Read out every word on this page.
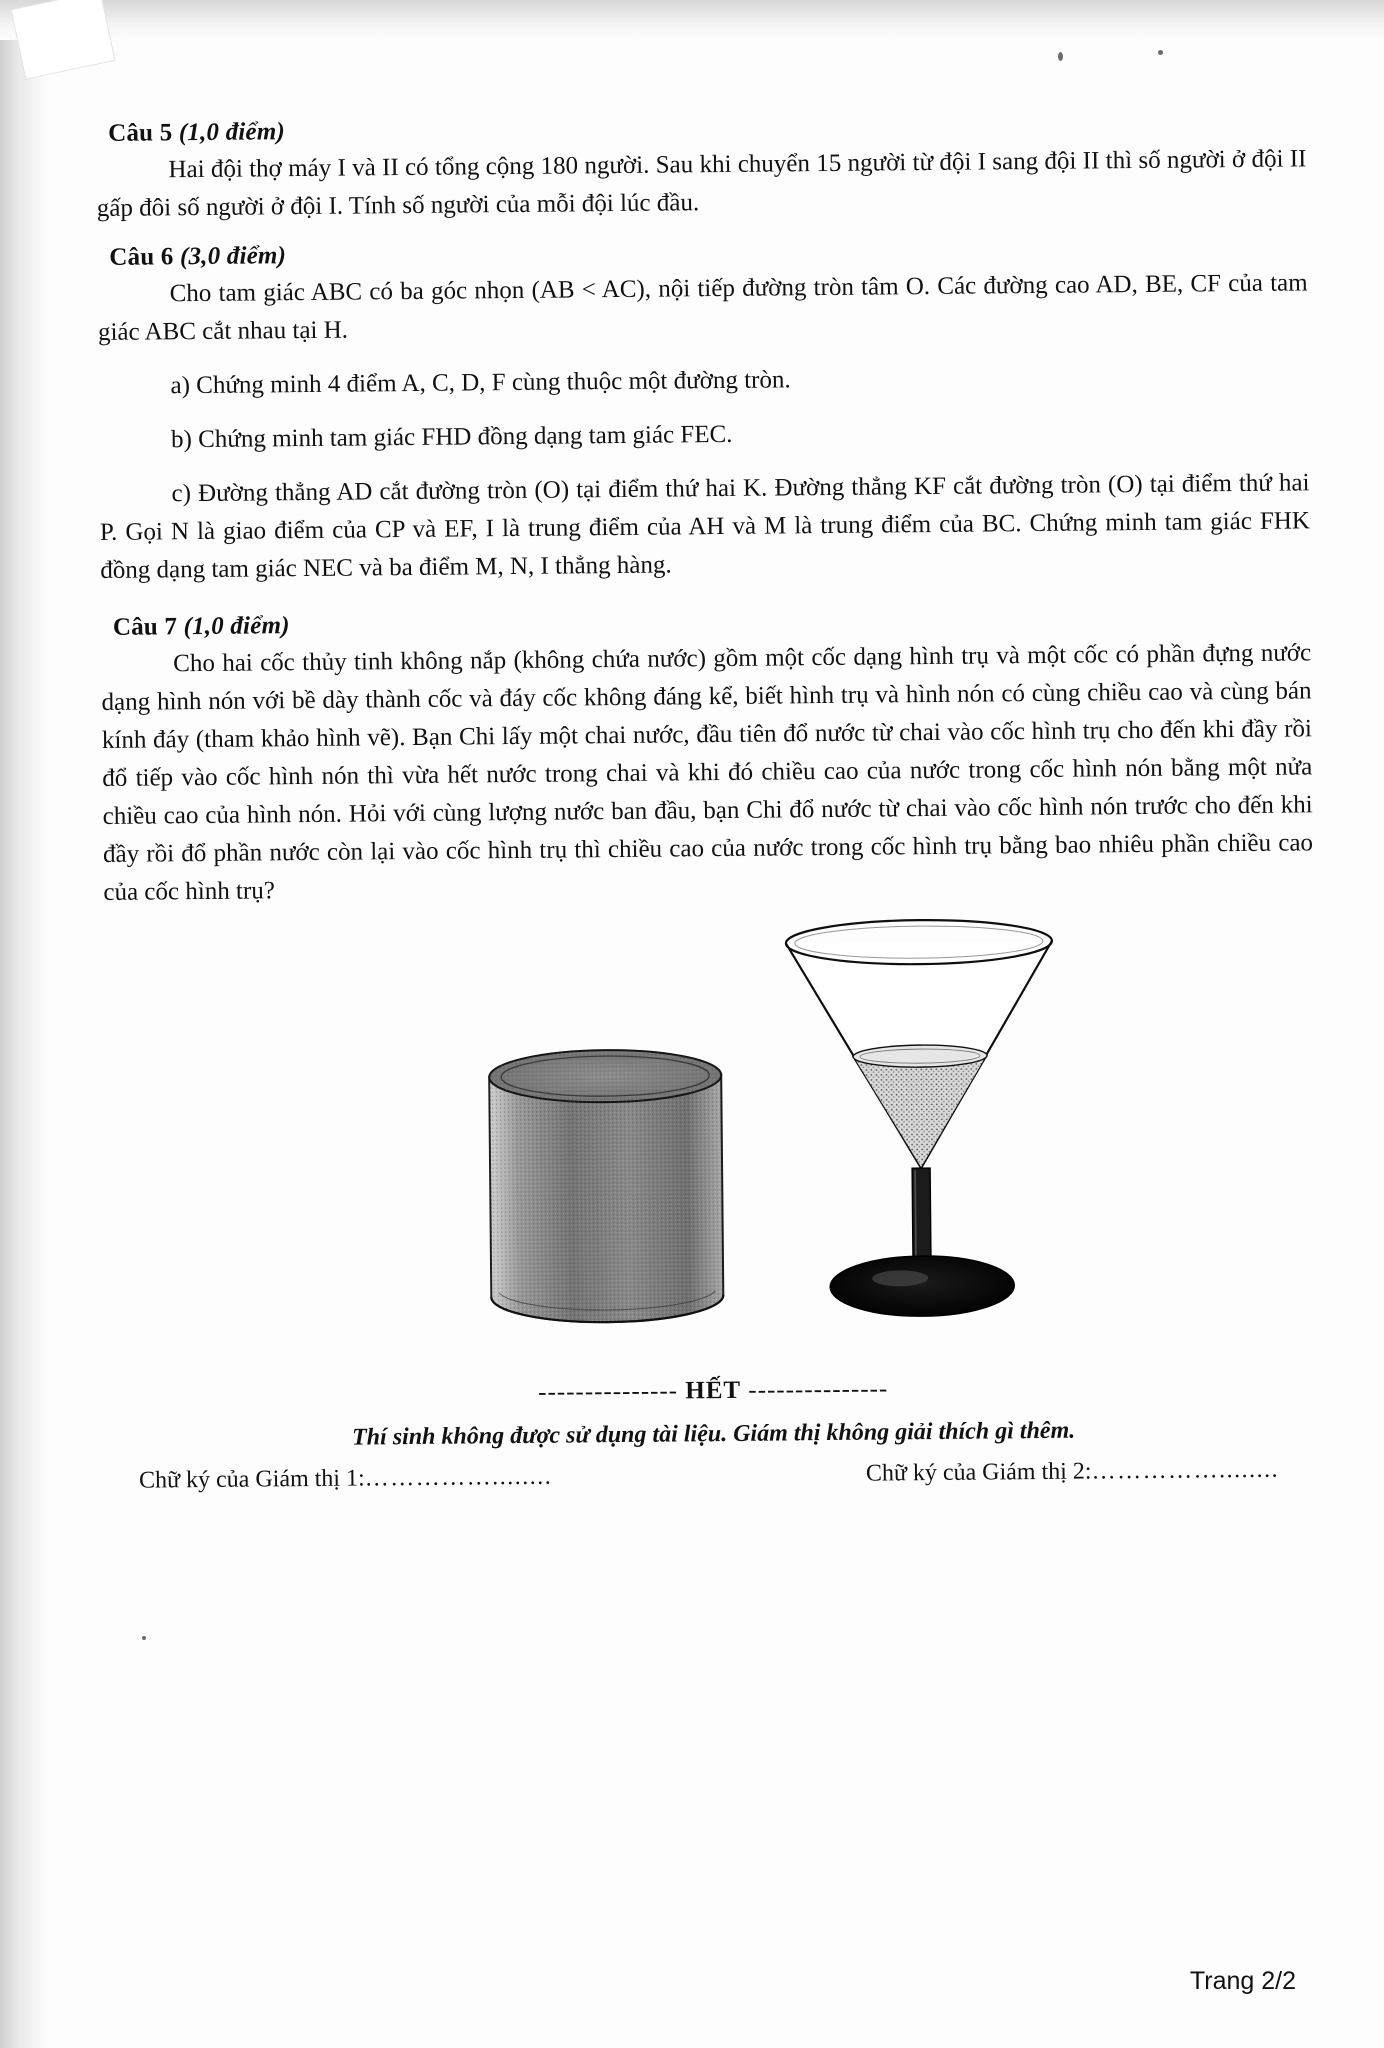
Câu 5 (1,0 điểm)

Hai đội thợ máy I và II có tổng cộng 180 người. Sau khi chuyển 15 người từ đội I sang đội II thì số người ở đội II gấp đôi số người ở đội I. Tính số người của mỗi đội lúc đầu.

Câu 6 (3,0 điểm)

Cho tam giác ABC có ba góc nhọn (AB < AC), nội tiếp đường tròn tâm O. Các đường cao AD, BE, CF của tam giác ABC cắt nhau tại H.

a) Chứng minh 4 điểm A, C, D, F cùng thuộc một đường tròn.

b) Chứng minh tam giác FHD đồng dạng tam giác FEC.

c) Đường thẳng AD cắt đường tròn (O) tại điểm thứ hai K. Đường thẳng KF cắt đường tròn (O) tại điểm thứ hai P. Gọi N là giao điểm của CP và EF, I là trung điểm của AH và M là trung điểm của BC. Chứng minh tam giác FHK đồng dạng tam giác NEC và ba điểm M, N, I thẳng hàng.

Câu 7 (1,0 điểm)

Cho hai cốc thủy tinh không nắp (không chứa nước) gồm một cốc dạng hình trụ và một cốc có phần đựng nước dạng hình nón với bề dày thành cốc và đáy cốc không đáng kể, biết hình trụ và hình nón có cùng chiều cao và cùng bán kính đáy (tham khảo hình vẽ). Bạn Chi lấy một chai nước, đầu tiên đổ nước từ chai vào cốc hình trụ cho đến khi đầy rồi đổ tiếp vào cốc hình nón thì vừa hết nước trong chai và khi đó chiều cao của nước trong cốc hình nón bằng một nửa chiều cao của hình nón. Hỏi với cùng lượng nước ban đầu, bạn Chi đổ nước từ chai vào cốc hình nón trước cho đến khi đầy rồi đổ phần nước còn lại vào cốc hình trụ thì chiều cao của nước trong cốc hình trụ bằng bao nhiêu phần chiều cao của cốc hình trụ?

--------------- HẾT ---------------
Thí sinh không được sử dụng tài liệu. Giám thị không giải thích gì thêm.
Chữ ký của Giám thị 1:……………........	Chữ ký của Giám thị 2:……………........
Trang 2/2
